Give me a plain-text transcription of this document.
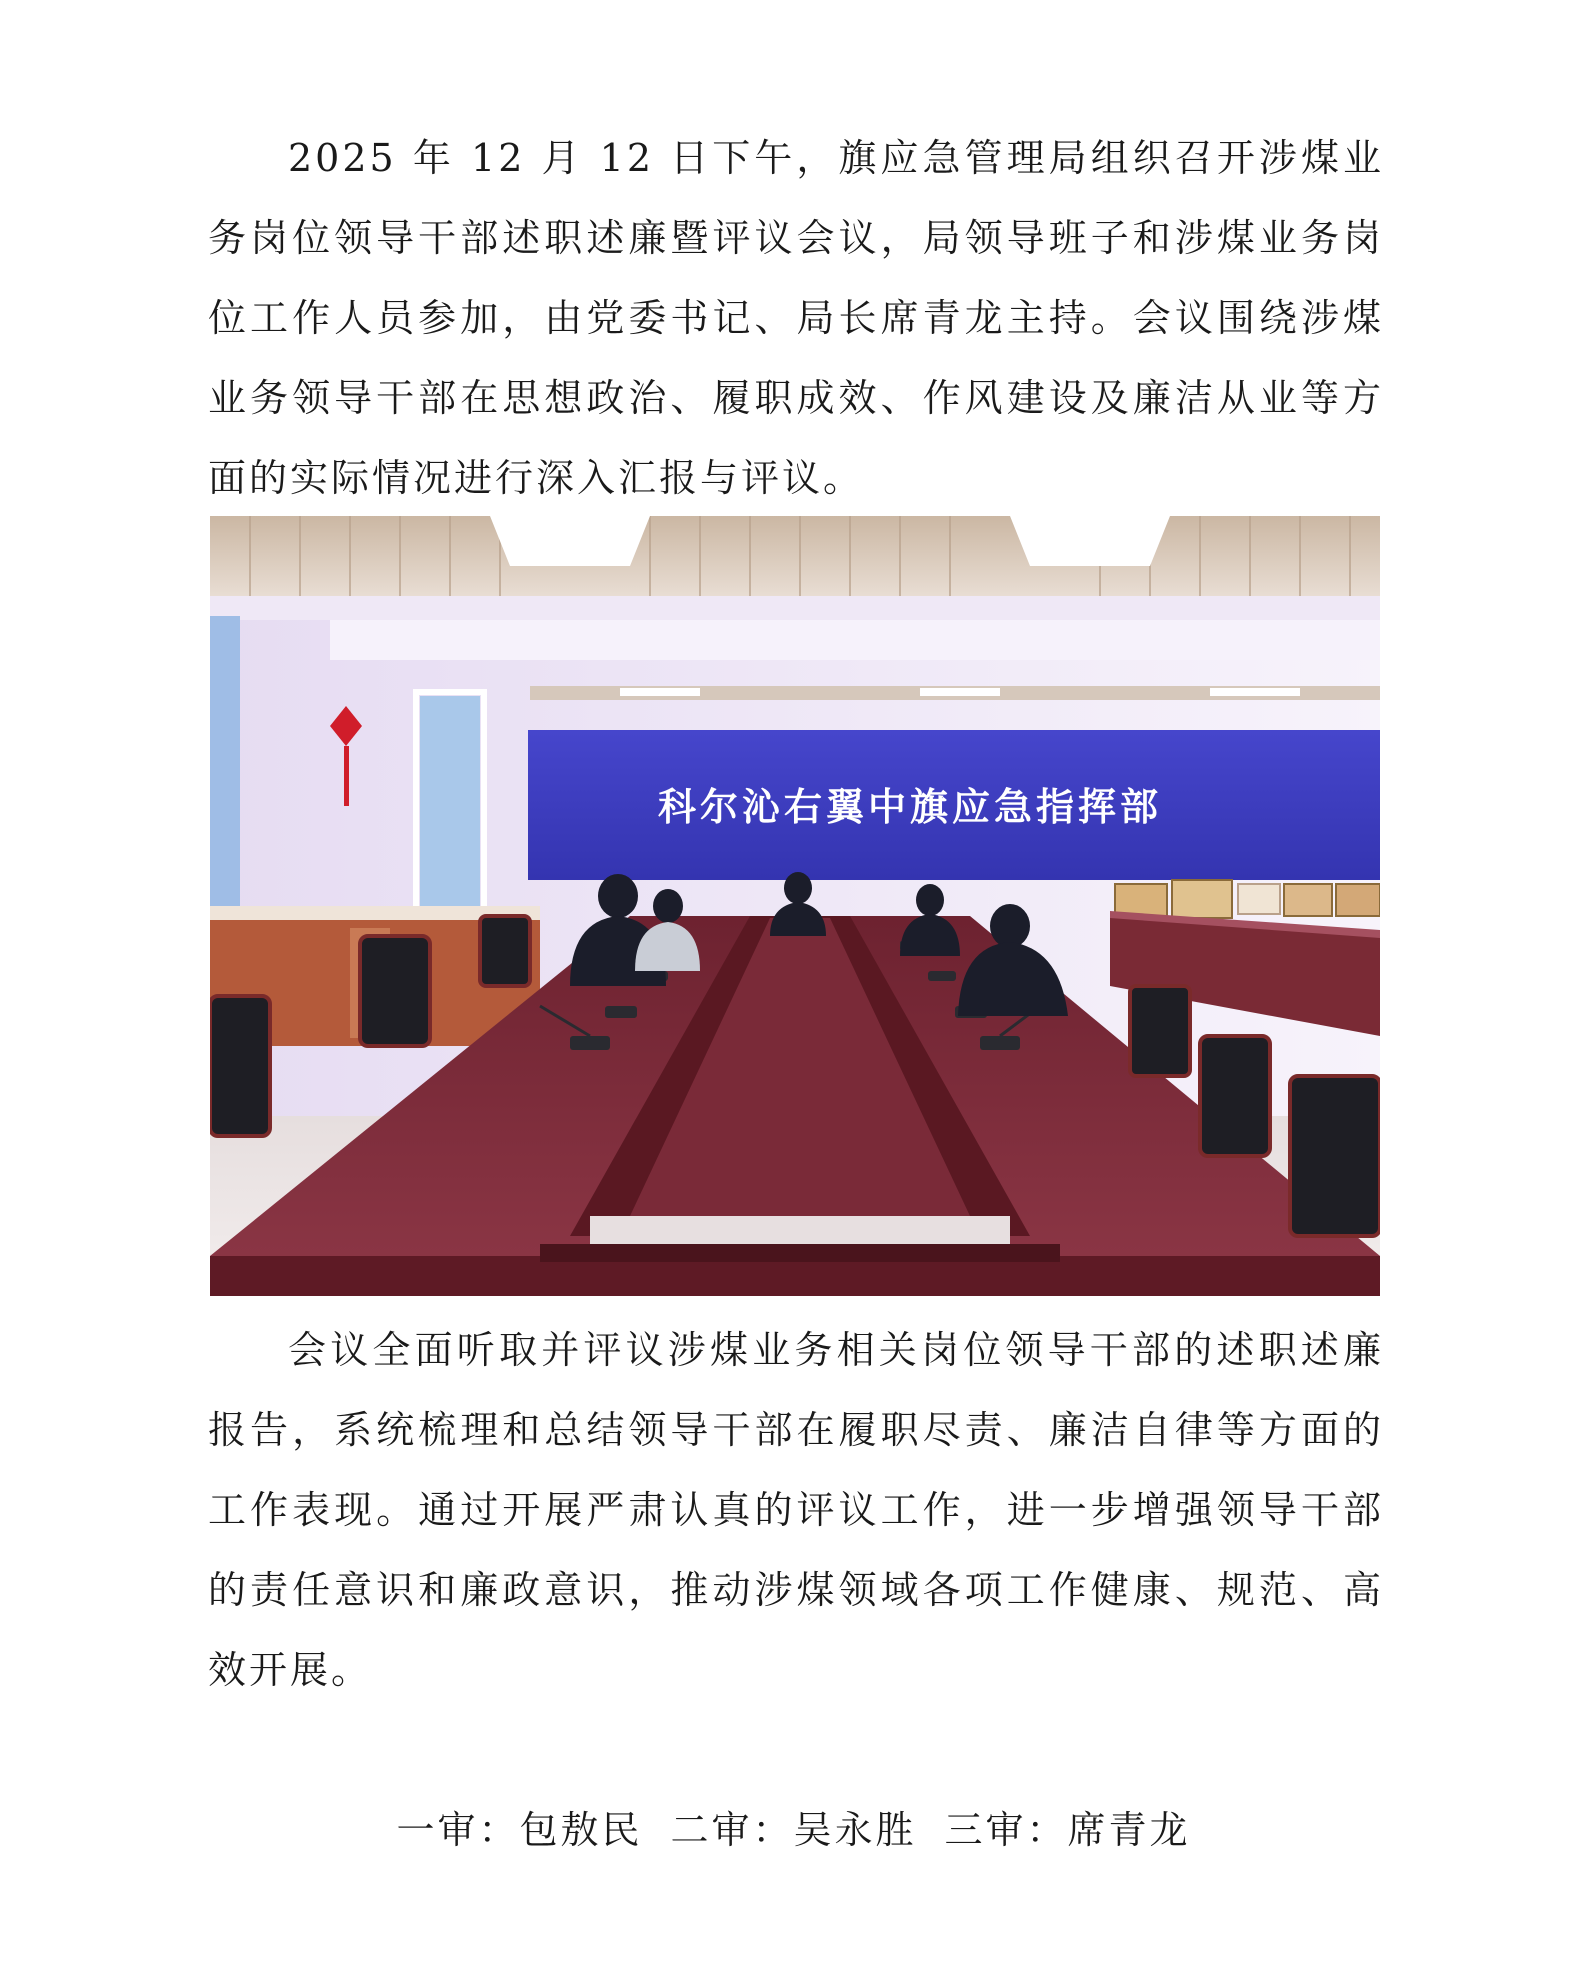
2025 年 12 月 12 日下午，旗应急管理局组织召开涉煤业务岗位领导干部述职述廉暨评议会议，局领导班子和涉煤业务岗位工作人员参加，由党委书记、局长席青龙主持。会议围绕涉煤业务领导干部在思想政治、履职成效、作风建设及廉洁从业等方面的实际情况进行深入汇报与评议。

科尔沁右翼中旗应急指挥部

会议全面听取并评议涉煤业务相关岗位领导干部的述职述廉报告，系统梳理和总结领导干部在履职尽责、廉洁自律等方面的工作表现。通过开展严肃认真的评议工作，进一步增强领导干部的责任意识和廉政意识，推动涉煤领域各项工作健康、规范、高效开展。

一审：包敖民 二审：吴永胜 三审：席青龙
